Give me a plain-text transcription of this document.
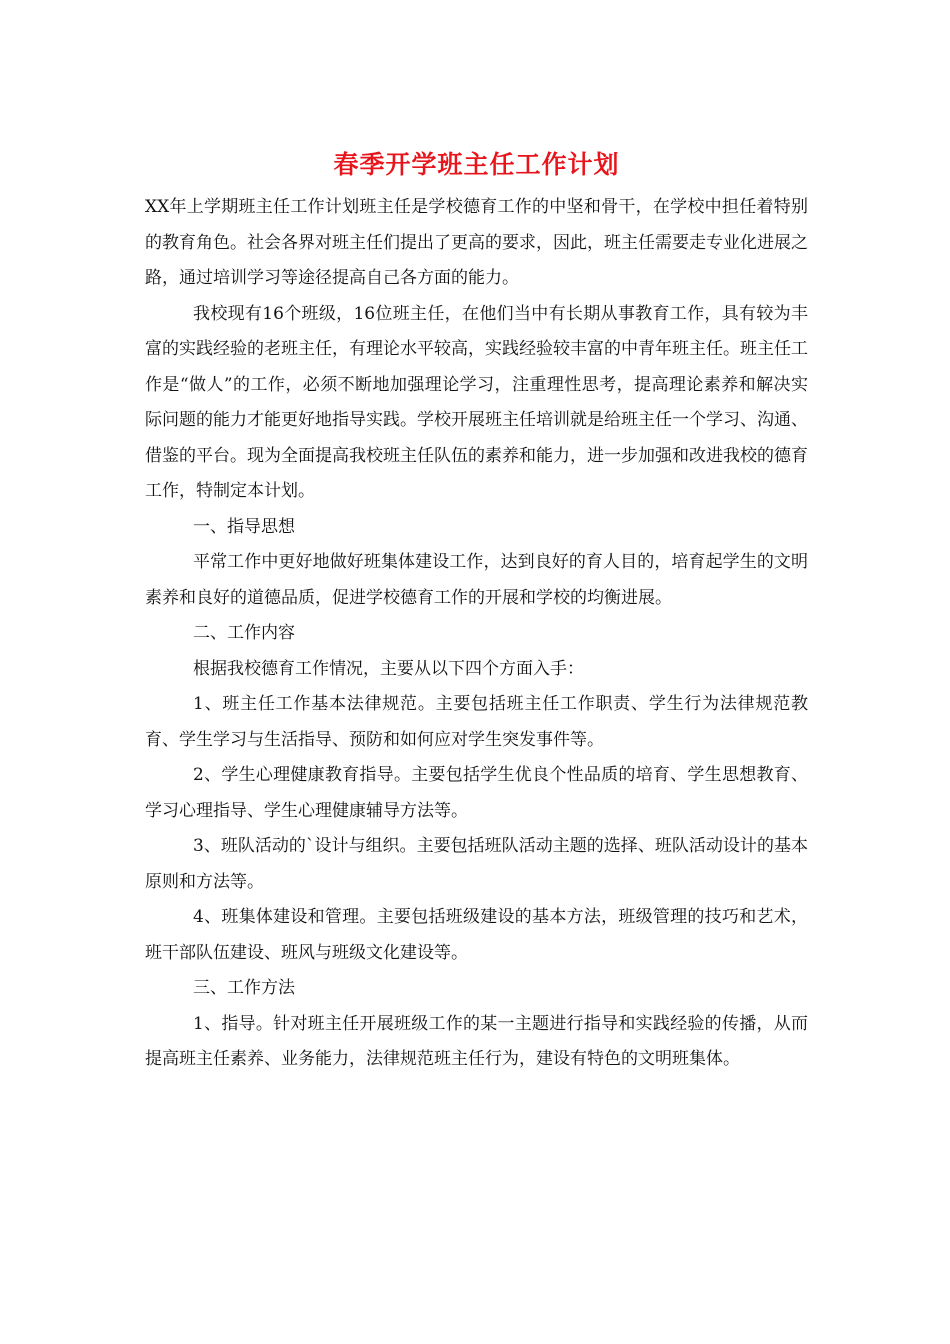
春季开学班主任工作计划

XX年上学期班主任工作计划班主任是学校德育工作的中坚和骨干，在学校中担任着特别的教育角色。社会各界对班主任们提出了更高的要求，因此，班主任需要走专业化进展之路，通过培训学习等途径提高自己各方面的能力。

我校现有16个班级，16位班主任，在他们当中有长期从事教育工作，具有较为丰富的实践经验的老班主任，有理论水平较高，实践经验较丰富的中青年班主任。班主任工作是“做人”的工作，必须不断地加强理论学习，注重理性思考，提高理论素养和解决实际问题的能力才能更好地指导实践。学校开展班主任培训就是给班主任一个学习、沟通、借鉴的平台。现为全面提高我校班主任队伍的素养和能力，进一步加强和改进我校的德育工作，特制定本计划。

一、指导思想

平常工作中更好地做好班集体建设工作，达到良好的育人目的，培育起学生的文明素养和良好的道德品质，促进学校德育工作的开展和学校的均衡进展。

二、工作内容

根据我校德育工作情况，主要从以下四个方面入手：

1、班主任工作基本法律规范。主要包括班主任工作职责、学生行为法律规范教育、学生学习与生活指导、预防和如何应对学生突发事件等。

2、学生心理健康教育指导。主要包括学生优良个性品质的培育、学生思想教育、学习心理指导、学生心理健康辅导方法等。

3、班队活动的`设计与组织。主要包括班队活动主题的选择、班队活动设计的基本原则和方法等。

4、班集体建设和管理。主要包括班级建设的基本方法，班级管理的技巧和艺术，班干部队伍建设、班风与班级文化建设等。

三、工作方法

1、指导。针对班主任开展班级工作的某一主题进行指导和实践经验的传播，从而提高班主任素养、业务能力，法律规范班主任行为，建设有特色的文明班集体。
